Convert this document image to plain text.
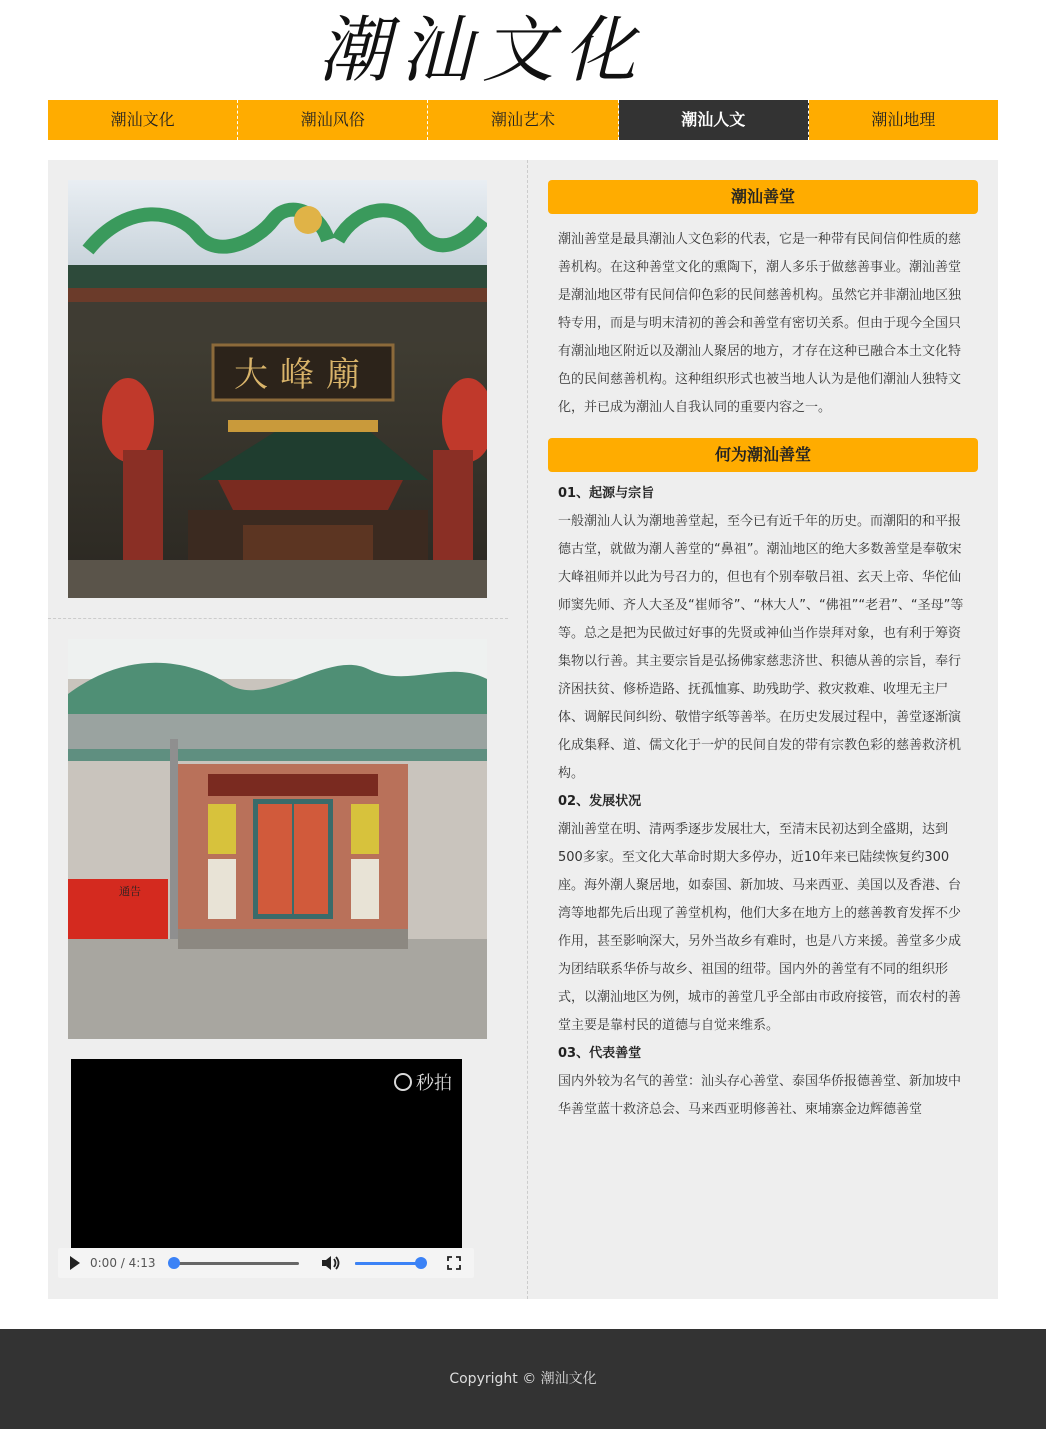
潮汕文化
潮汕文化	潮汕风俗	潮汕艺术	潮汕人文	潮汕地理
大峰廟
通告
秒拍
0:00 / 4:13
潮汕善堂

潮汕善堂是最具潮汕人文色彩的代表，它是一种带有民间信仰性质的慈善机构。在这种善堂文化的熏陶下，潮人多乐于做慈善事业。潮汕善堂是潮汕地区带有民间信仰色彩的民间慈善机构。虽然它并非潮汕地区独特专用，而是与明末清初的善会和善堂有密切关系。但由于现今全国只有潮汕地区附近以及潮汕人聚居的地方，才存在这种已融合本土文化特色的民间慈善机构。这种组织形式也被当地人认为是他们潮汕人独特文化，并已成为潮汕人自我认同的重要内容之一。

何为潮汕善堂
01、起源与宗旨

一般潮汕人认为潮地善堂起，至今已有近千年的历史。而潮阳的和平报德古堂，就做为潮人善堂的“鼻祖”。潮汕地区的绝大多数善堂是奉敬宋大峰祖师并以此为号召力的，但也有个别奉敬吕祖、玄天上帝、华佗仙师窦先师、齐人大圣及“崔师爷”、“林大人”、“佛祖”“老君”、“圣母”等等。总之是把为民做过好事的先贤或神仙当作崇拜对象，也有利于筹资集物以行善。其主要宗旨是弘扬佛家慈悲济世、积德从善的宗旨，奉行济困扶贫、修桥造路、抚孤恤寡、助残助学、救灾救难、收埋无主尸体、调解民间纠纷、敬惜字纸等善举。在历史发展过程中，善堂逐渐演化成集释、道、儒文化于一炉的民间自发的带有宗教色彩的慈善救济机构。

02、发展状况

潮汕善堂在明、清两季逐步发展壮大，至清末民初达到全盛期，达到500多家。至文化大革命时期大多停办，近10年来已陆续恢复约300座。海外潮人聚居地，如泰国、新加坡、马来西亚、美国以及香港、台湾等地都先后出现了善堂机构，他们大多在地方上的慈善教育发挥不少作用，甚至影响深大，另外当故乡有难时，也是八方来援。善堂多少成为团结联系华侨与故乡、祖国的纽带。国内外的善堂有不同的组织形式，以潮汕地区为例，城市的善堂几乎全部由市政府接管，而农村的善堂主要是靠村民的道德与自觉来维系。

03、代表善堂

国内外较为名气的善堂：汕头存心善堂、泰国华侨报德善堂、新加坡中华善堂蓝十救济总会、马来西亚明修善社、柬埔寨金边辉德善堂

Copyright © 潮汕文化
